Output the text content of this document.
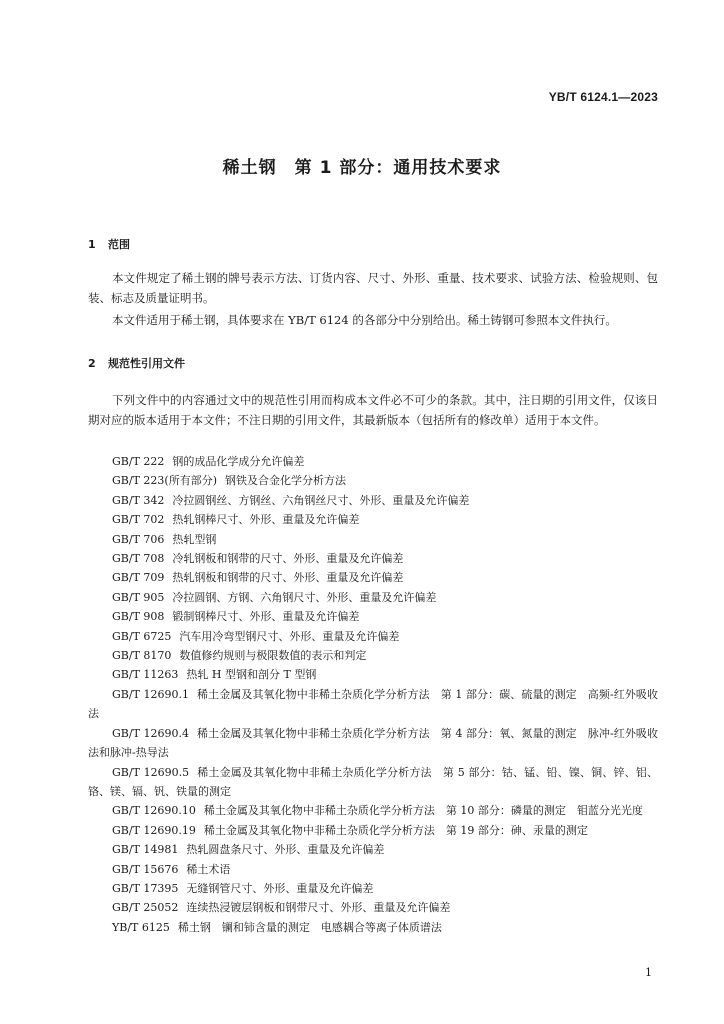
YB/T 6124.1—2023
稀土钢　第 1 部分：通用技术要求
1 范围
本文件规定了稀土钢的牌号表示方法、订货内容、尺寸、外形、重量、技术要求、试验方法、检验规则、包装、标志及质量证明书。
本文件适用于稀土钢，具体要求在 YB/T 6124 的各部分中分别给出。稀土铸钢可参照本文件执行。
2 规范性引用文件
下列文件中的内容通过文中的规范性引用而构成本文件必不可少的条款。其中，注日期的引用文件，仅该日期对应的版本适用于本文件；不注日期的引用文件，其最新版本（包括所有的修改单）适用于本文件。
GB/T 222 钢的成品化学成分允许偏差
GB/T 223(所有部分) 钢铁及合金化学分析方法
GB/T 342 冷拉圆钢丝、方钢丝、六角钢丝尺寸、外形、重量及允许偏差
GB/T 702 热轧钢棒尺寸、外形、重量及允许偏差
GB/T 706 热轧型钢
GB/T 708 冷轧钢板和钢带的尺寸、外形、重量及允许偏差
GB/T 709 热轧钢板和钢带的尺寸、外形、重量及允许偏差
GB/T 905 冷拉圆钢、方钢、六角钢尺寸、外形、重量及允许偏差
GB/T 908 锻制钢棒尺寸、外形、重量及允许偏差
GB/T 6725 汽车用冷弯型钢尺寸、外形、重量及允许偏差
GB/T 8170 数值修约规则与极限数值的表示和判定
GB/T 11263 热轧 H 型钢和剖分 T 型钢
GB/T 12690.1 稀土金属及其氧化物中非稀土杂质化学分析方法　第 1 部分：碳、硫量的测定　高频-红外吸收法
GB/T 12690.4 稀土金属及其氧化物中非稀土杂质化学分析方法　第 4 部分：氧、氮量的测定　脉冲-红外吸收法和脉冲-热导法
GB/T 12690.5 稀土金属及其氧化物中非稀土杂质化学分析方法　第 5 部分：钴、锰、铅、镍、铜、锌、铝、铬、镁、镉、钒、铁量的测定
GB/T 12690.10 稀土金属及其氧化物中非稀土杂质化学分析方法　第 10 部分：磷量的测定　钼蓝分光光度
GB/T 12690.19 稀土金属及其氧化物中非稀土杂质化学分析方法　第 19 部分：砷、汞量的测定
GB/T 14981 热轧圆盘条尺寸、外形、重量及允许偏差
GB/T 15676 稀土术语
GB/T 17395 无缝钢管尺寸、外形、重量及允许偏差
GB/T 25052 连续热浸镀层钢板和钢带尺寸、外形、重量及允许偏差
YB/T 6125 稀土钢　镧和铈含量的测定　电感耦合等离子体质谱法
1
